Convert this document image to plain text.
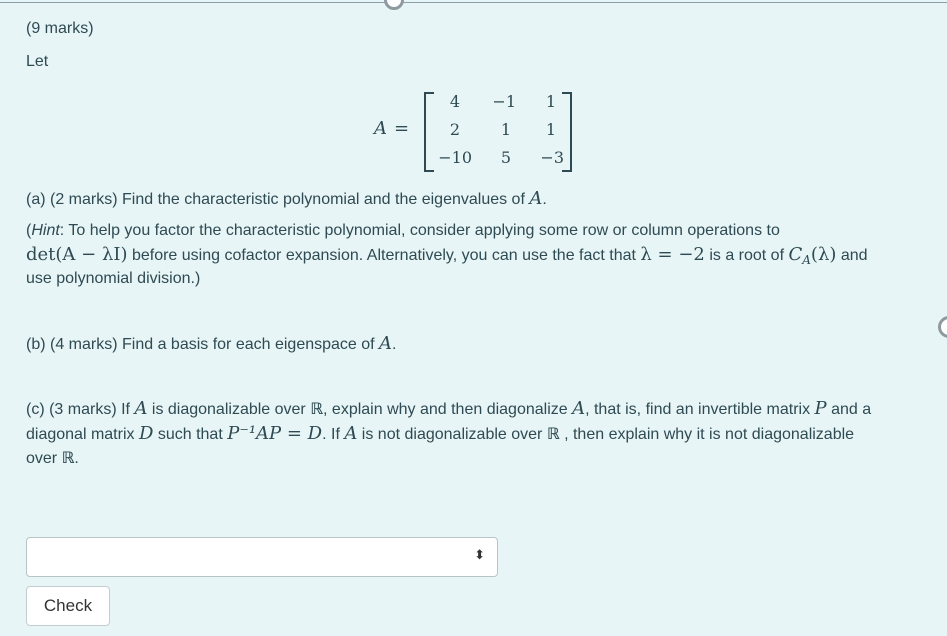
(9 marks)
Let
A =
4	−1	1
2	1	1
−10	5	−3
(a) (2 marks) Find the characteristic polynomial and the eigenvalues of A.
(Hint: To help you factor the characteristic polynomial, consider applying some row or column operations to
det(A − λI) before using cofactor expansion. Alternatively, you can use the fact that λ = −2 is a root of $C_A(\lambda)$ and
use polynomial division.)
(b) (4 marks) Find a basis for each eigenspace of A.
(c) (3 marks) If A is diagonalizable over ℝ, explain why and then diagonalize A, that is, find an invertible matrix P and a
diagonal matrix D such that P⁻¹AP = D. If A is not diagonalizable over ℝ , then explain why it is not diagonalizable
over ℝ.
⬍
Check
